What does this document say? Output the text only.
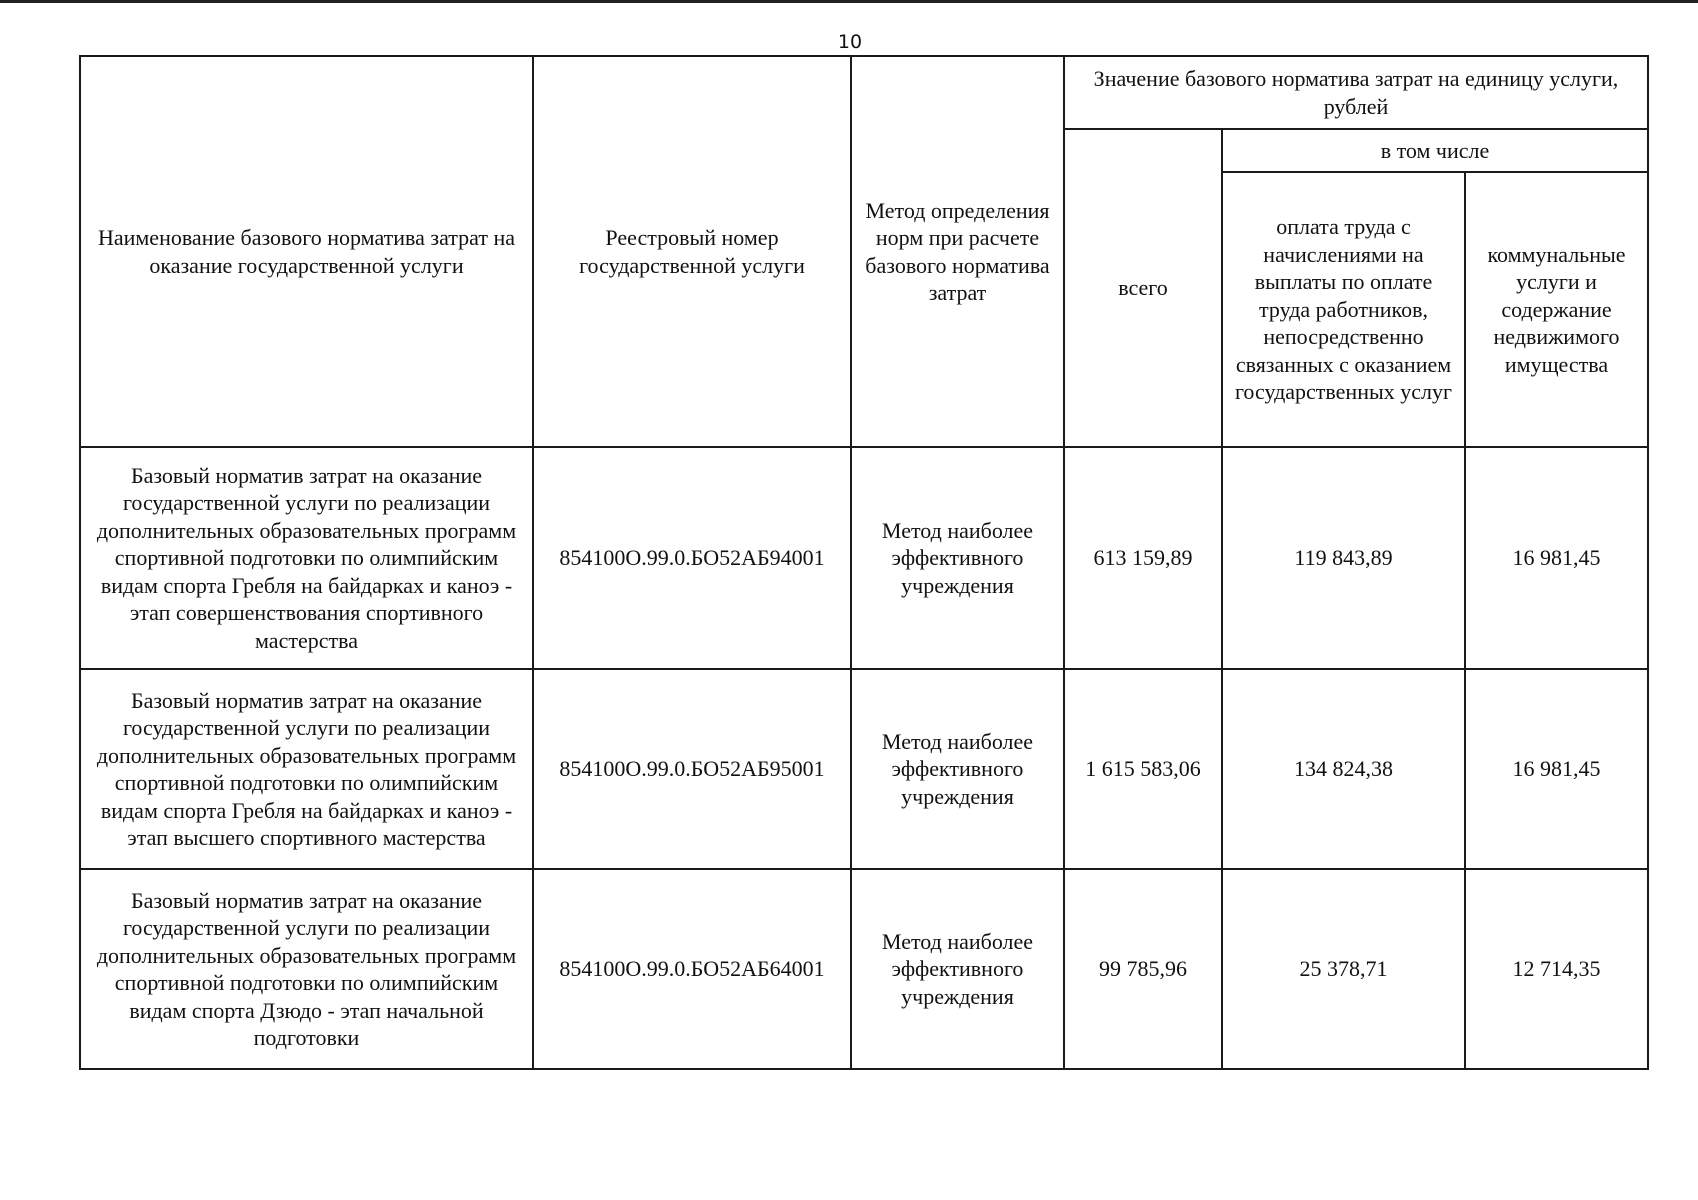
10
Наименование базового норматива затрат на оказание государственной услуги	Реестровый номер государственной услуги	Метод определения норм при расчете базового норматива затрат	Значение базового норматива затрат на единицу услуги, рублей		
			всего	в том числе	
				оплата труда с начислениями на выплаты по оплате труда работников, непосредственно связанных с оказанием государственных услуг	коммунальные услуги и содержание недвижимого имущества
Базовый норматив затрат на оказание государственной услуги по реализации дополнительных образовательных программ спортивной подготовки по олимпийским видам спорта Гребля на байдарках и каноэ - этап совершенствования спортивного мастерства	854100О.99.0.БО52АБ94001	Метод наиболее эффективного учреждения	613 159,89	119 843,89	16 981,45
Базовый норматив затрат на оказание государственной услуги по реализации дополнительных образовательных программ спортивной подготовки по олимпийским видам спорта Гребля на байдарках и каноэ - этап высшего спортивного мастерства	854100О.99.0.БО52АБ95001	Метод наиболее эффективного учреждения	1 615 583,06	134 824,38	16 981,45
Базовый норматив затрат на оказание государственной услуги по реализации дополнительных образовательных программ спортивной подготовки по олимпийским видам спорта Дзюдо - этап начальной подготовки	854100О.99.0.БО52АБ64001	Метод наиболее эффективного учреждения	99 785,96	25 378,71	12 714,35
